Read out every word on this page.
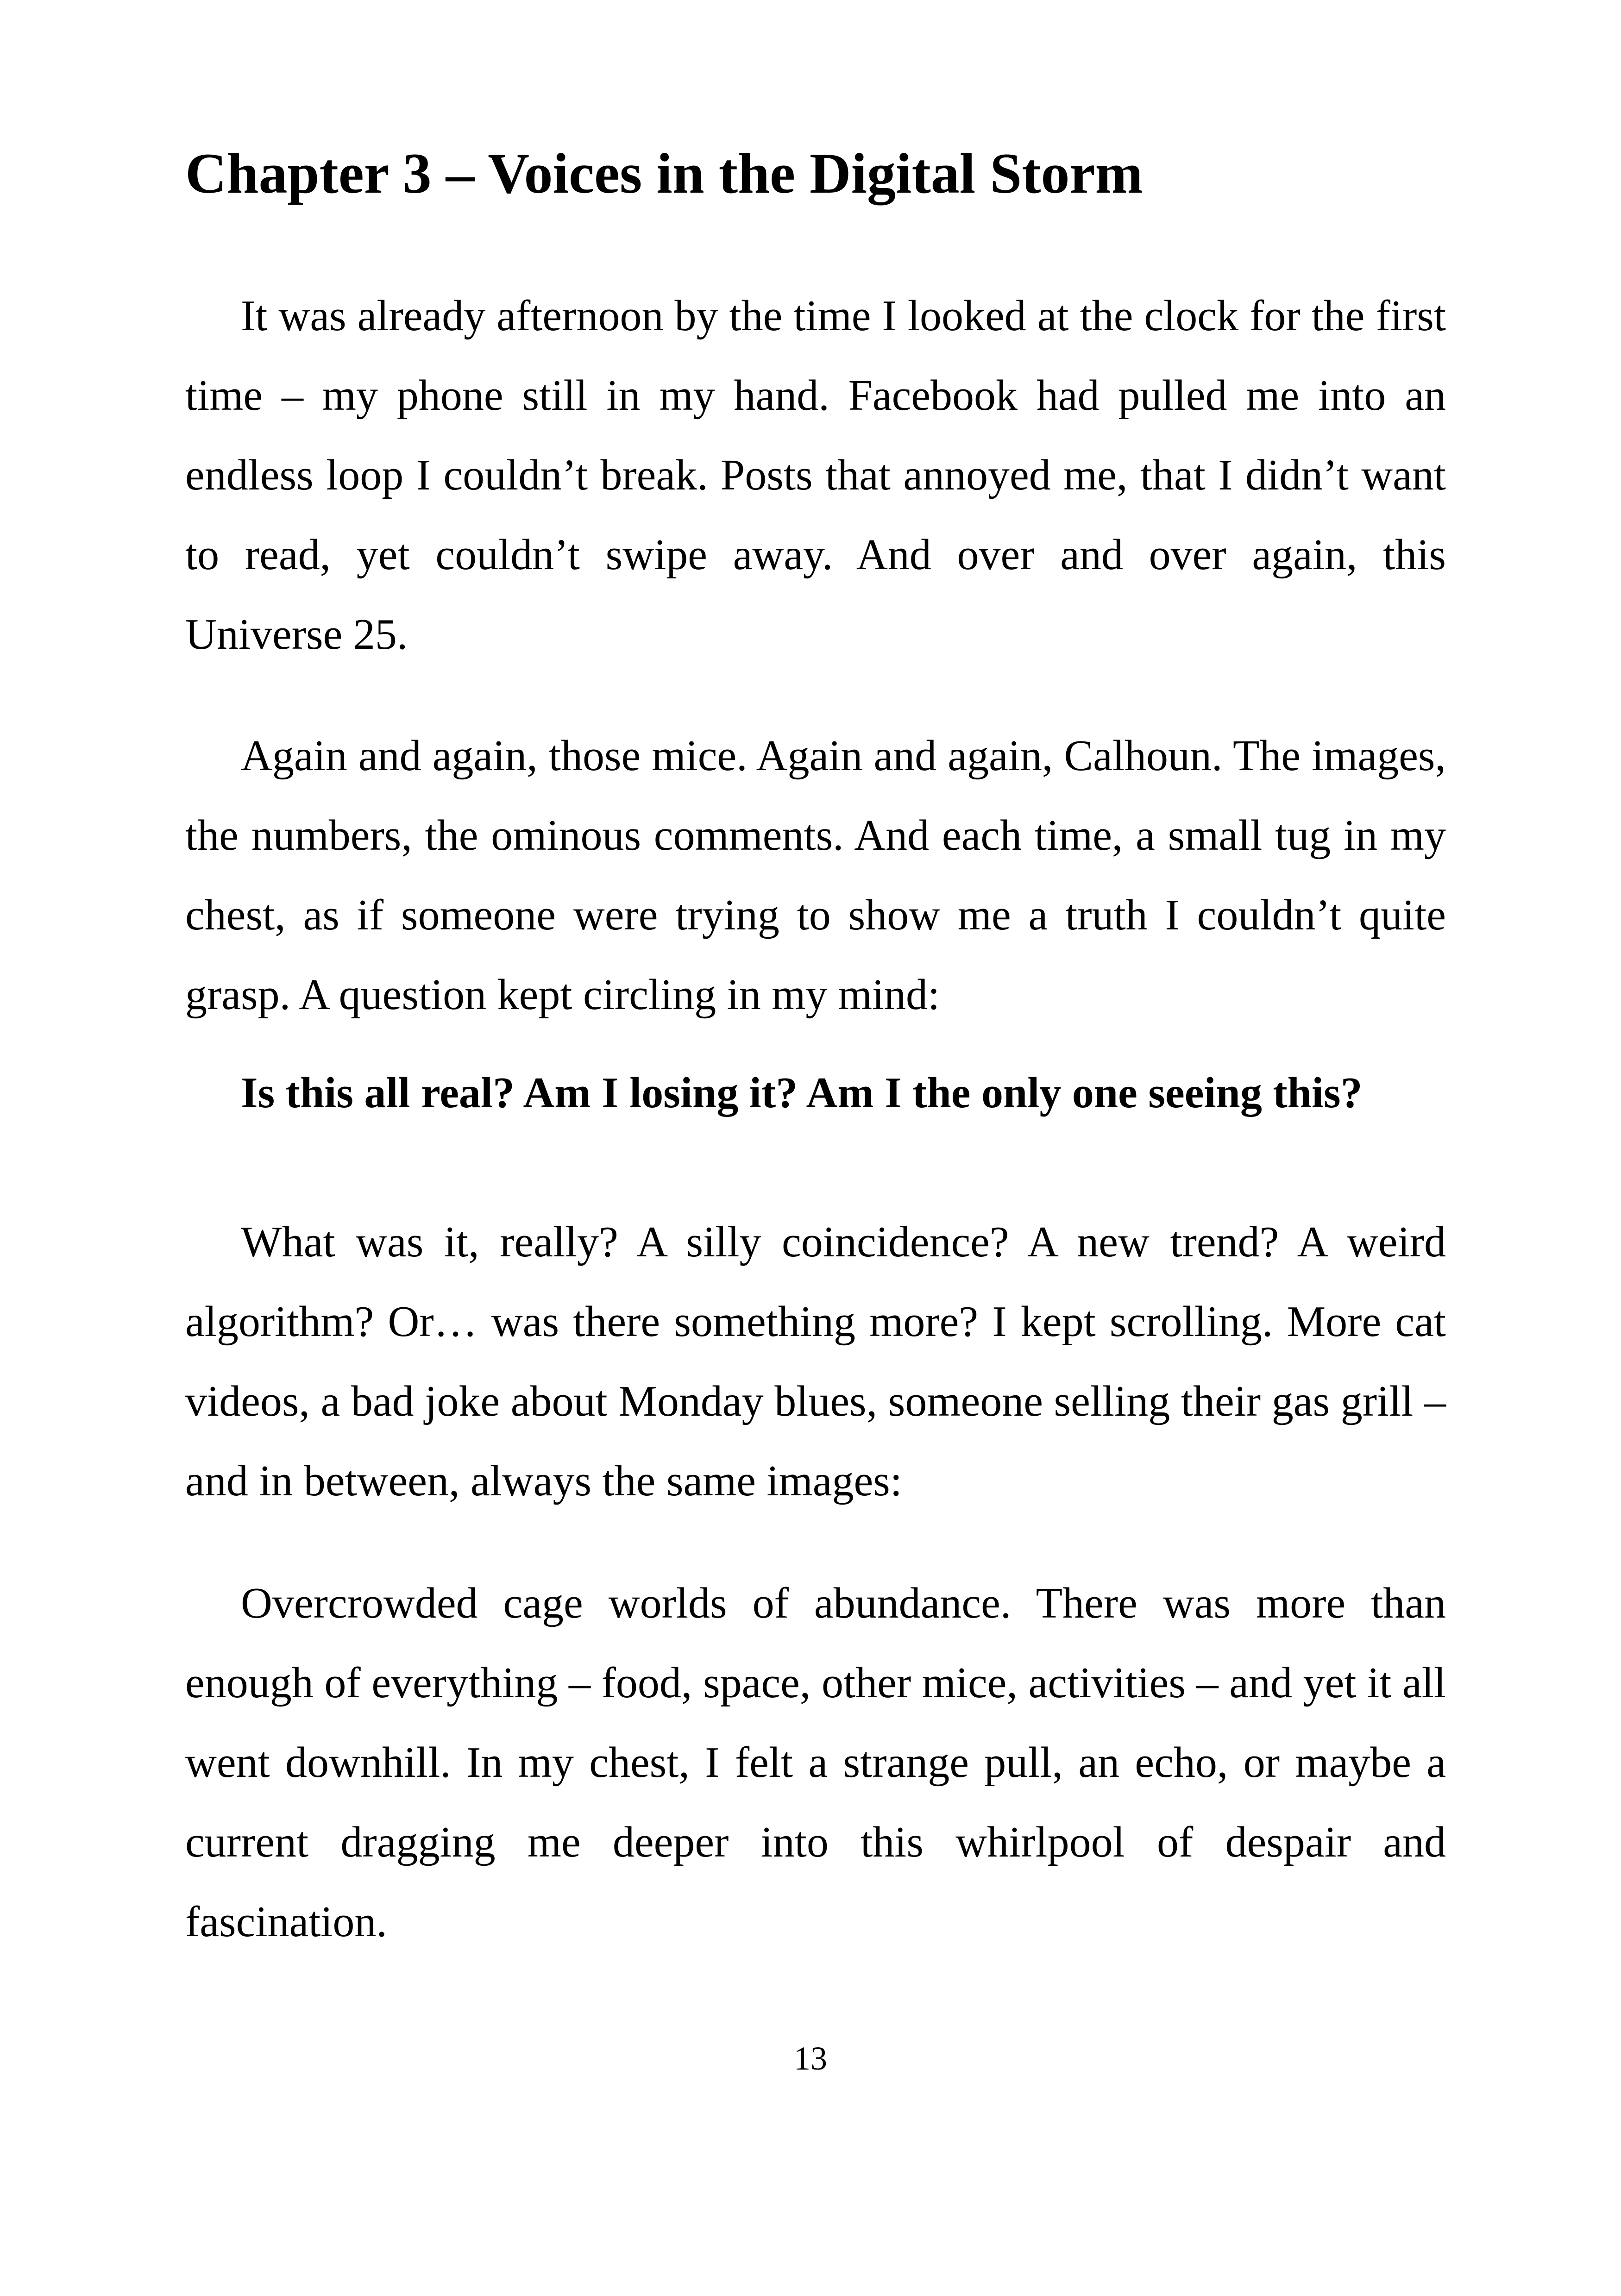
Chapter 3 – Voices in the Digital Storm

It was already afternoon by the time I looked at the clock for the first time – my phone still in my hand. Facebook had pulled me into an endless loop I couldn’t break. Posts that annoyed me, that I didn’t want to read, yet couldn’t swipe away. And over and over again, this Universe 25.

Again and again, those mice. Again and again, Calhoun. The images, the numbers, the ominous comments. And each time, a small tug in my chest, as if someone were trying to show me a truth I couldn’t quite grasp. A question kept circling in my mind:

Is this all real? Am I losing it? Am I the only one seeing this?

What was it, really? A silly coincidence? A new trend? A weird algorithm? Or… was there something more? I kept scrolling. More cat videos, a bad joke about Monday blues, someone selling their gas grill – and in between, always the same images:

Overcrowded cage worlds of abundance. There was more than enough of everything – food, space, other mice, activities – and yet it all went downhill. In my chest, I felt a strange pull, an echo, or maybe a current dragging me deeper into this whirlpool of despair and fascination.

13
